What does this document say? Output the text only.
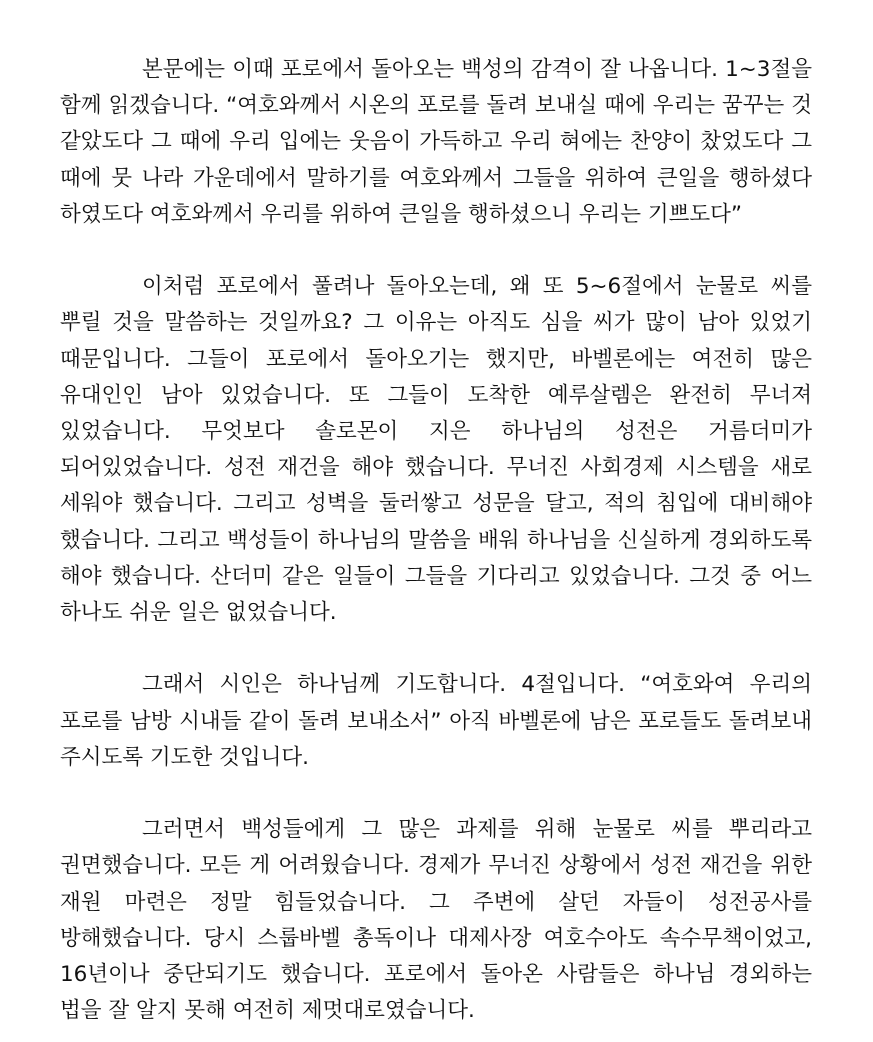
본문에는 이때 포로에서 돌아오는 백성의 감격이 잘 나옵니다. 1~3절을 함께 읽겠습니다. “여호와께서 시온의 포로를 돌려 보내실 때에 우리는 꿈꾸는 것 같았도다 그 때에 우리 입에는 웃음이 가득하고 우리 혀에는 찬양이 찼었도다 그 때에 뭇 나라 가운데에서 말하기를 여호와께서 그들을 위하여 큰일을 행하셨다 하였도다 여호와께서 우리를 위하여 큰일을 행하셨으니 우리는 기쁘도다”

이처럼 포로에서 풀려나 돌아오는데, 왜 또 5~6절에서 눈물로 씨를 뿌릴 것을 말씀하는 것일까요? 그 이유는 아직도 심을 씨가 많이 남아 있었기 때문입니다. 그들이 포로에서 돌아오기는 했지만, 바벨론에는 여전히 많은 유대인인 남아 있었습니다. 또 그들이 도착한 예루살렘은 완전히 무너져 있었습니다. 무엇보다 솔로몬이 지은 하나님의 성전은 거름더미가 되어있었습니다. 성전 재건을 해야 했습니다. 무너진 사회경제 시스템을 새로 세워야 했습니다. 그리고 성벽을 둘러쌓고 성문을 달고, 적의 침입에 대비해야 했습니다. 그리고 백성들이 하나님의 말씀을 배워 하나님을 신실하게 경외하도록 해야 했습니다. 산더미 같은 일들이 그들을 기다리고 있었습니다. 그것 중 어느 하나도 쉬운 일은 없었습니다.

그래서 시인은 하나님께 기도합니다. 4절입니다. “여호와여 우리의 포로를 남방 시내들 같이 돌려 보내소서” 아직 바벨론에 남은 포로들도 돌려보내 주시도록 기도한 것입니다.

그러면서 백성들에게 그 많은 과제를 위해 눈물로 씨를 뿌리라고 권면했습니다. 모든 게 어려웠습니다. 경제가 무너진 상황에서 성전 재건을 위한 재원 마련은 정말 힘들었습니다. 그 주변에 살던 자들이 성전공사를 방해했습니다. 당시 스룹바벨 총독이나 대제사장 여호수아도 속수무책이었고, 16년이나 중단되기도 했습니다. 포로에서 돌아온 사람들은 하나님 경외하는 법을 잘 알지 못해 여전히 제멋대로였습니다.
